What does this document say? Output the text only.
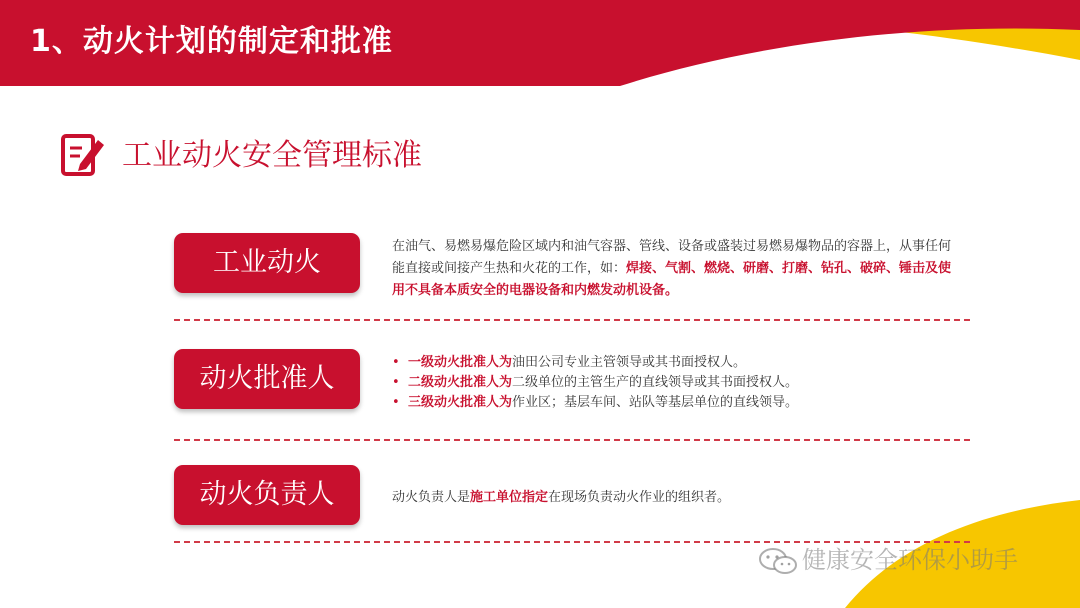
1、动火计划的制定和批准
工业动火安全管理标准
工业动火
在油气、易燃易爆危险区域内和油气容器、管线、设备或盛装过易燃易爆物品的容器上，从事任何能直接或间接产生热和火花的工作，如：焊接、气割、燃烧、研磨、打磨、钻孔、破碎、锤击及使用不具备本质安全的电器设备和内燃发动机设备。
动火批准人
• 一级动火批准人为油田公司专业主管领导或其书面授权人。
• 二级动火批准人为二级单位的主管生产的直线领导或其书面授权人。
• 三级动火批准人为作业区；基层车间、站队等基层单位的直线领导。
动火负责人	动火负责人是施工单位指定在现场负责动火作业的组织者。
健康安全环保小助手
